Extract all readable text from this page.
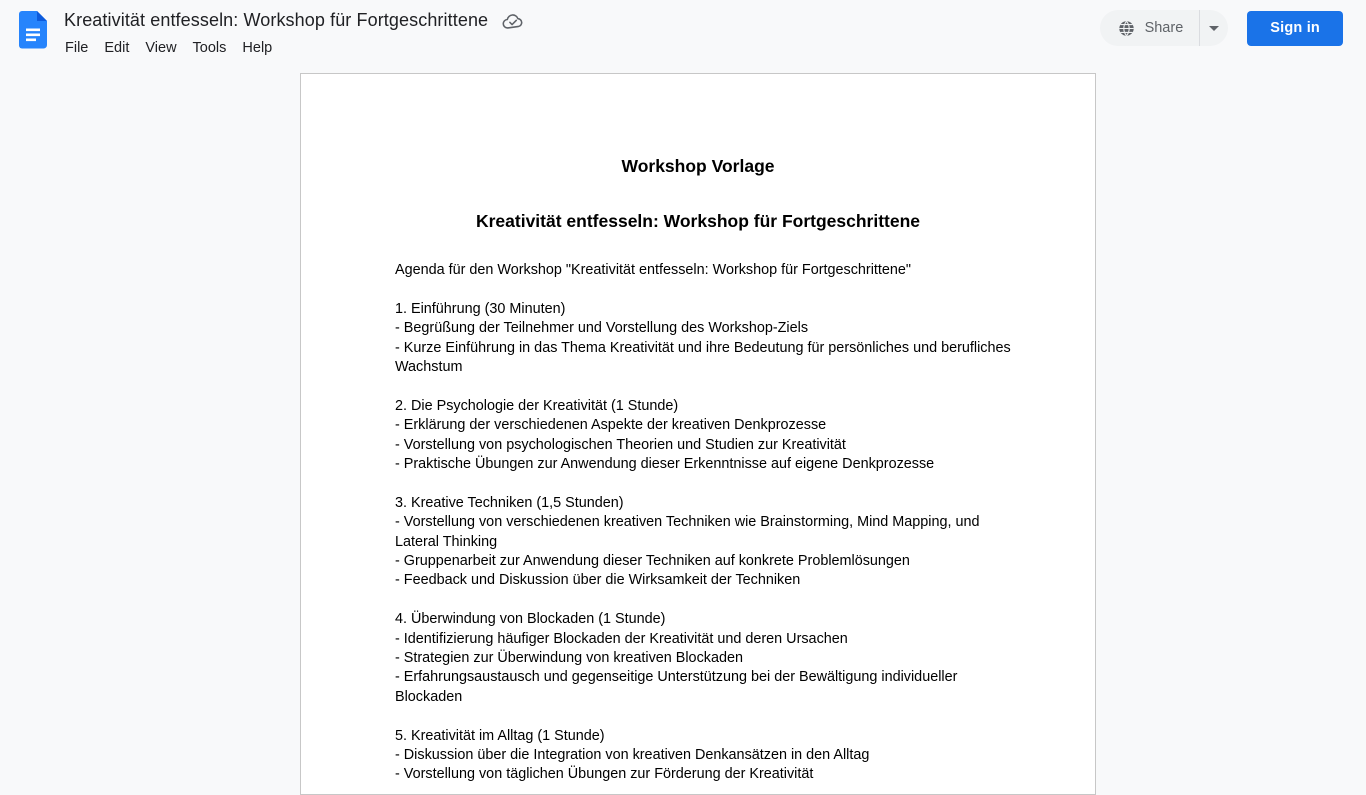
Kreativität entfesseln: Workshop für Fortgeschrittene
File	Edit	View	Tools	Help
Share	Sign in
Workshop Vorlage
Kreativität entfesseln: Workshop für Fortgeschrittene
Agenda für den Workshop "Kreativität entfesseln: Workshop für Fortgeschrittene"
1. Einführung (30 Minuten)
- Begrüßung der Teilnehmer und Vorstellung des Workshop-Ziels
- Kurze Einführung in das Thema Kreativität und ihre Bedeutung für persönliches und berufliches Wachstum
2. Die Psychologie der Kreativität (1 Stunde)
- Erklärung der verschiedenen Aspekte der kreativen Denkprozesse
- Vorstellung von psychologischen Theorien und Studien zur Kreativität
- Praktische Übungen zur Anwendung dieser Erkenntnisse auf eigene Denkprozesse
3. Kreative Techniken (1,5 Stunden)
- Vorstellung von verschiedenen kreativen Techniken wie Brainstorming, Mind Mapping, und Lateral Thinking
- Gruppenarbeit zur Anwendung dieser Techniken auf konkrete Problemlösungen
- Feedback und Diskussion über die Wirksamkeit der Techniken
4. Überwindung von Blockaden (1 Stunde)
- Identifizierung häufiger Blockaden der Kreativität und deren Ursachen
- Strategien zur Überwindung von kreativen Blockaden
- Erfahrungsaustausch und gegenseitige Unterstützung bei der Bewältigung individueller Blockaden
5. Kreativität im Alltag (1 Stunde)
- Diskussion über die Integration von kreativen Denkansätzen in den Alltag
- Vorstellung von täglichen Übungen zur Förderung der Kreativität
